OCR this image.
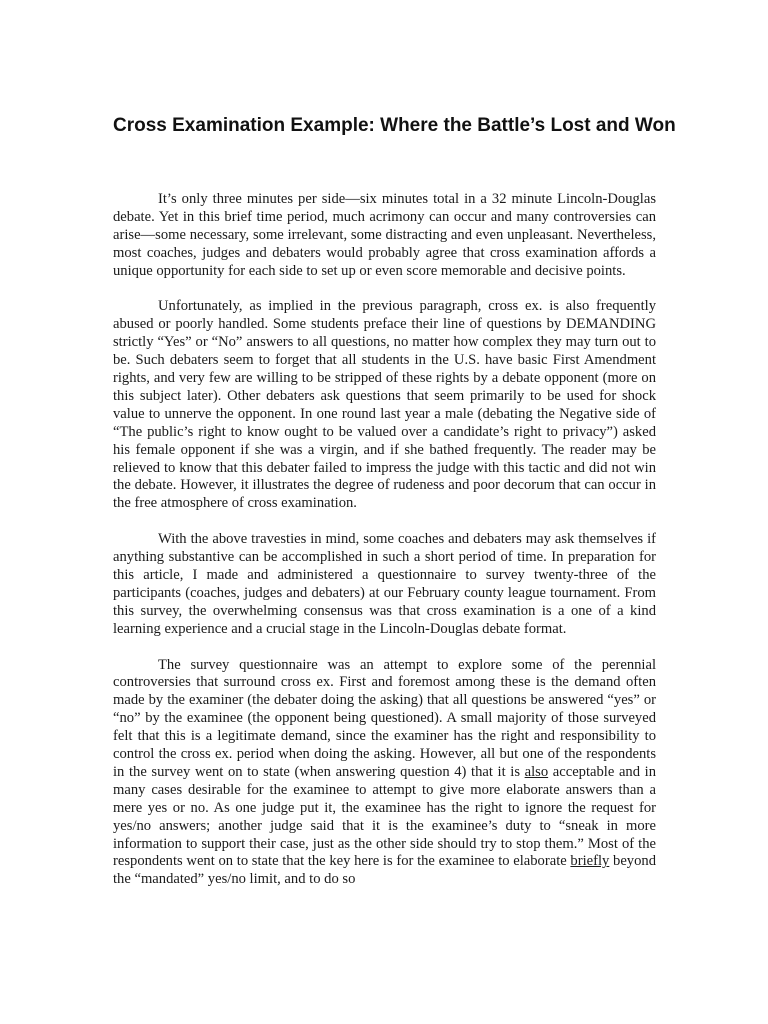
Cross Examination Example: Where the Battle’s Lost and Won

It’s only three minutes per side—six minutes total in a 32 minute Lincoln-Douglas debate. Yet in this brief time period, much acrimony can occur and many controversies can arise—some necessary, some irrelevant, some distracting and even unpleasant. Nevertheless, most coaches, judges and debaters would probably agree that cross examination affords a unique opportunity for each side to set up or even score memorable and decisive points.

Unfortunately, as implied in the previous paragraph, cross ex. is also frequently abused or poorly handled. Some students preface their line of questions by DEMANDING strictly “Yes” or “No” answers to all questions, no matter how complex they may turn out to be. Such debaters seem to forget that all students in the U.S. have basic First Amendment rights, and very few are willing to be stripped of these rights by a debate opponent (more on this subject later). Other debaters ask questions that seem primarily to be used for shock value to unnerve the opponent. In one round last year a male (debating the Negative side of “The public’s right to know ought to be valued over a candidate’s right to privacy”) asked his female opponent if she was a virgin, and if she bathed frequently. The reader may be relieved to know that this debater failed to impress the judge with this tactic and did not win the debate. However, it illustrates the degree of rudeness and poor decorum that can occur in the free atmosphere of cross examination.

With the above travesties in mind, some coaches and debaters may ask themselves if anything substantive can be accomplished in such a short period of time. In preparation for this article, I made and administered a questionnaire to survey twenty-three of the participants (coaches, judges and debaters) at our February county league tournament. From this survey, the overwhelming consensus was that cross examination is a one of a kind learning experience and a crucial stage in the Lincoln-Douglas debate format.

The survey questionnaire was an attempt to explore some of the perennial controversies that surround cross ex. First and foremost among these is the demand often made by the examiner (the debater doing the asking) that all questions be answered “yes” or “no” by the examinee (the opponent being questioned). A small majority of those surveyed felt that this is a legitimate demand, since the examiner has the right and responsibility to control the cross ex. period when doing the asking. However, all but one of the respondents in the survey went on to state (when answering question 4) that it is also acceptable and in many cases desirable for the examinee to attempt to give more elaborate answers than a mere yes or no. As one judge put it, the examinee has the right to ignore the request for yes/no answers; another judge said that it is the examinee’s duty to “sneak in more information to support their case, just as the other side should try to stop them.” Most of the respondents went on to state that the key here is for the examinee to elaborate briefly beyond the “mandated” yes/no limit, and to do so
